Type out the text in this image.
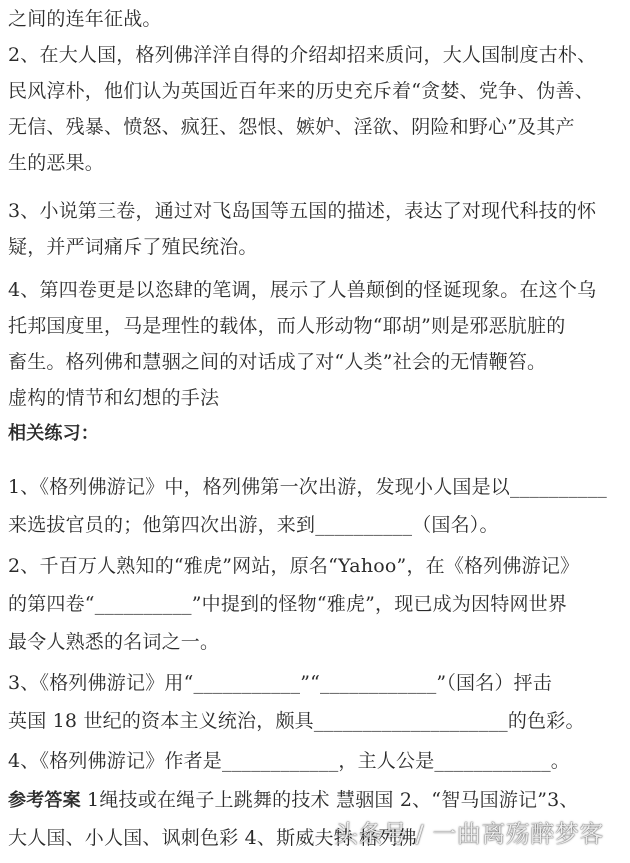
之间的连年征战。
2、在大人国，格列佛洋洋自得的介绍却招来质问，大人国制度古朴、
民风淳朴，他们认为英国近百年来的历史充斥着“贪婪、党争、伪善、
无信、残暴、愤怒、疯狂、怨恨、嫉妒、淫欲、阴险和野心”及其产
生的恶果。
3、小说第三卷，通过对飞岛国等五国的描述，表达了对现代科技的怀
疑，并严词痛斥了殖民统治。
4、第四卷更是以恣肆的笔调，展示了人兽颠倒的怪诞现象。在这个乌
托邦国度里，马是理性的载体，而人形动物“耶胡”则是邪恶肮脏的
畜生。格列佛和慧骃之间的对话成了对“人类”社会的无情鞭笞。
虚构的情节和幻想的手法
相关练习：
1、《格列佛游记》中，格列佛第一次出游，发现小人国是以__________
来选拔官员的；他第四次出游，来到__________（国名）。
2、千百万人熟知的“雅虎”网站，原名“Yahoo”，在《格列佛游记》
的第四卷“__________”中提到的怪物“雅虎”，现已成为因特网世界
最令人熟悉的名词之一。
3、《格列佛游记》用“___________”“____________”（国名）抨击
英国 18 世纪的资本主义统治，颇具____________________的色彩。
4、《格列佛游记》作者是____________，主人公是____________。
参考答案 1绳技或在绳子上跳舞的技术 慧骃国 2、“智马国游记”3、
大人国、小人国、讽刺色彩 4、斯威夫特 格列佛
头条号 / 一曲离殇醉梦客
